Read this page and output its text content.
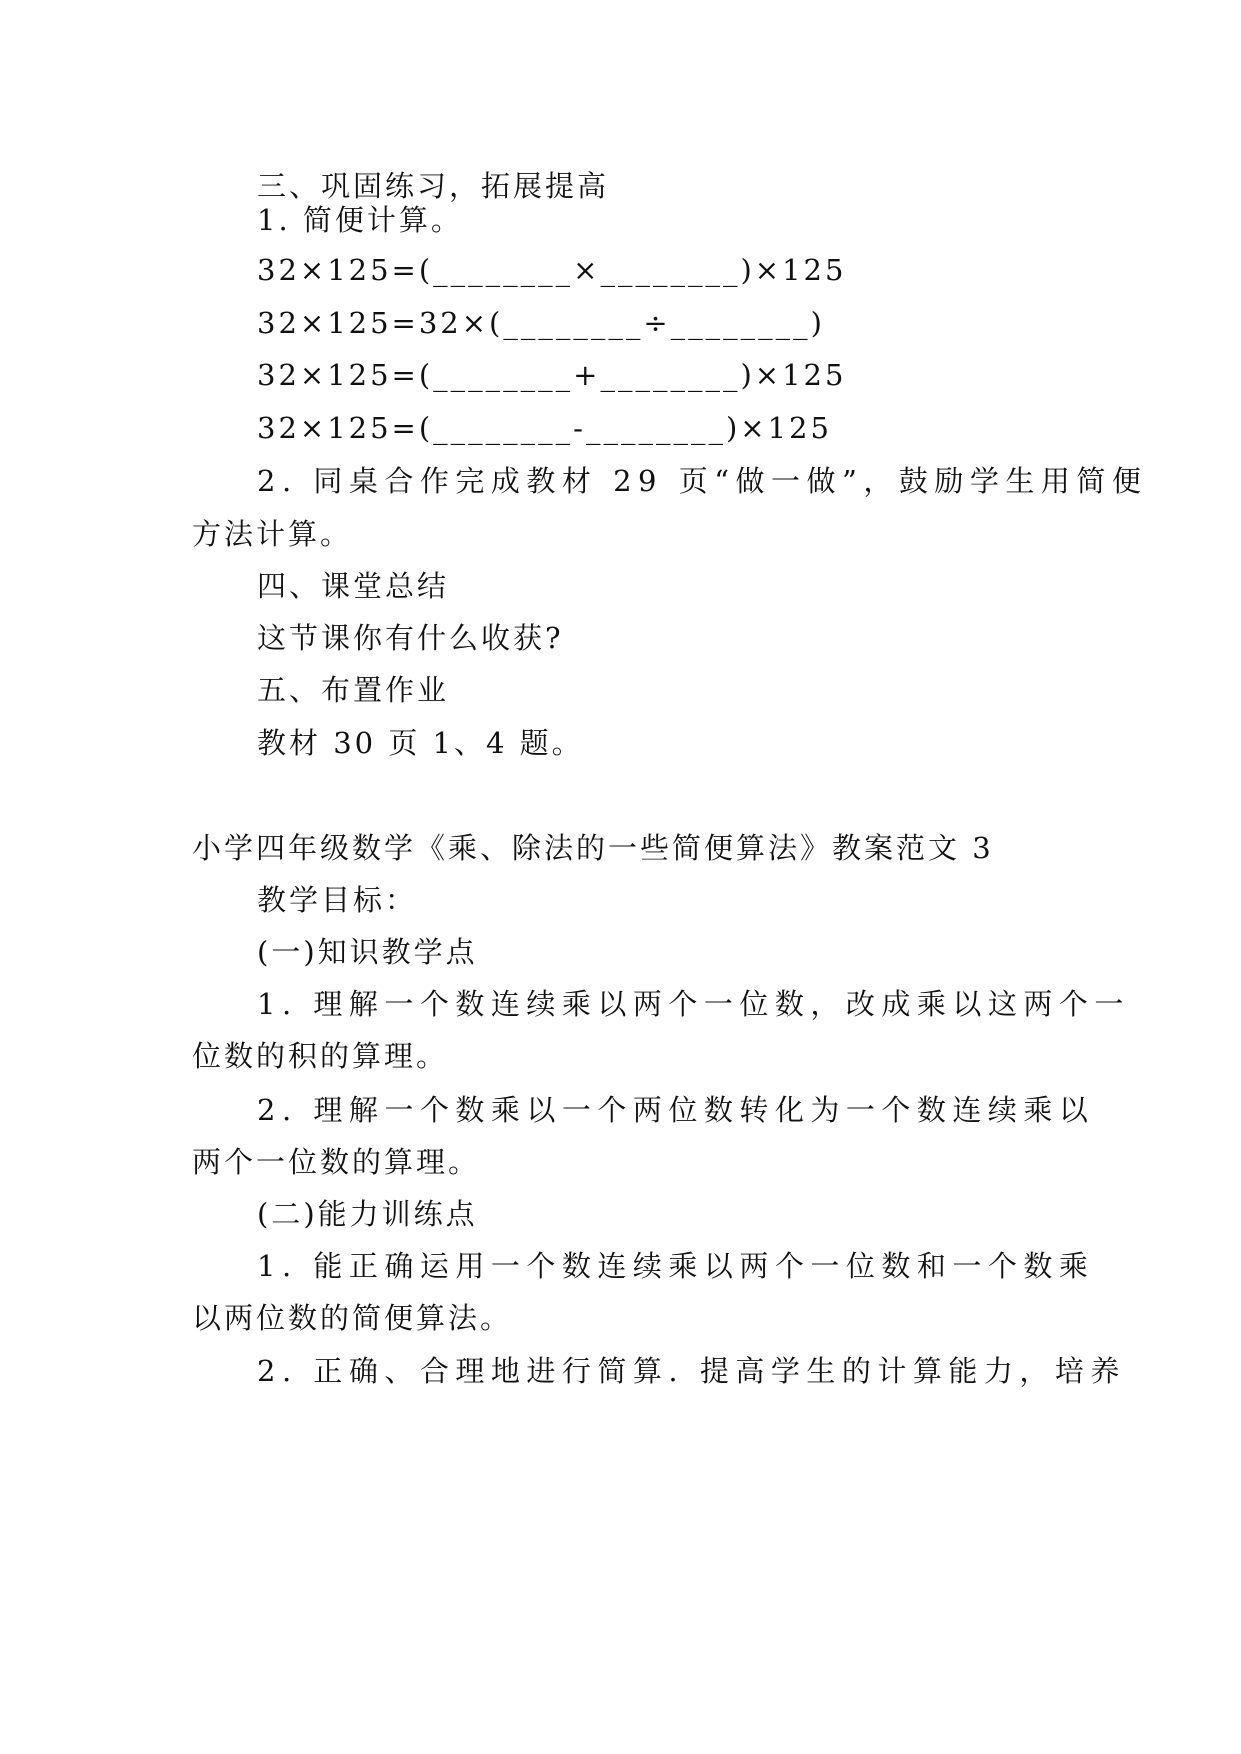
三、巩固练习，拓展提高
1. 简便计算。
32×125=(________×________)×125
32×125=32×(________÷________)
32×125=(________+________)×125
32×125=(________-________)×125
2. 同桌合作完成教材 29 页“做一做”，鼓励学生用简便
方法计算。
四、课堂总结
这节课你有什么收获?
五、布置作业
教材 30 页 1、4 题。
小学四年级数学《乘、除法的一些简便算法》教案范文 3
教学目标：
(一)知识教学点
1. 理解一个数连续乘以两个一位数，改成乘以这两个一
位数的积的算理。
2. 理解一个数乘以一个两位数转化为一个数连续乘以
两个一位数的算理。
(二)能力训练点
1. 能正确运用一个数连续乘以两个一位数和一个数乘
以两位数的简便算法。
2. 正确、合理地进行简算. 提高学生的计算能力，培养
